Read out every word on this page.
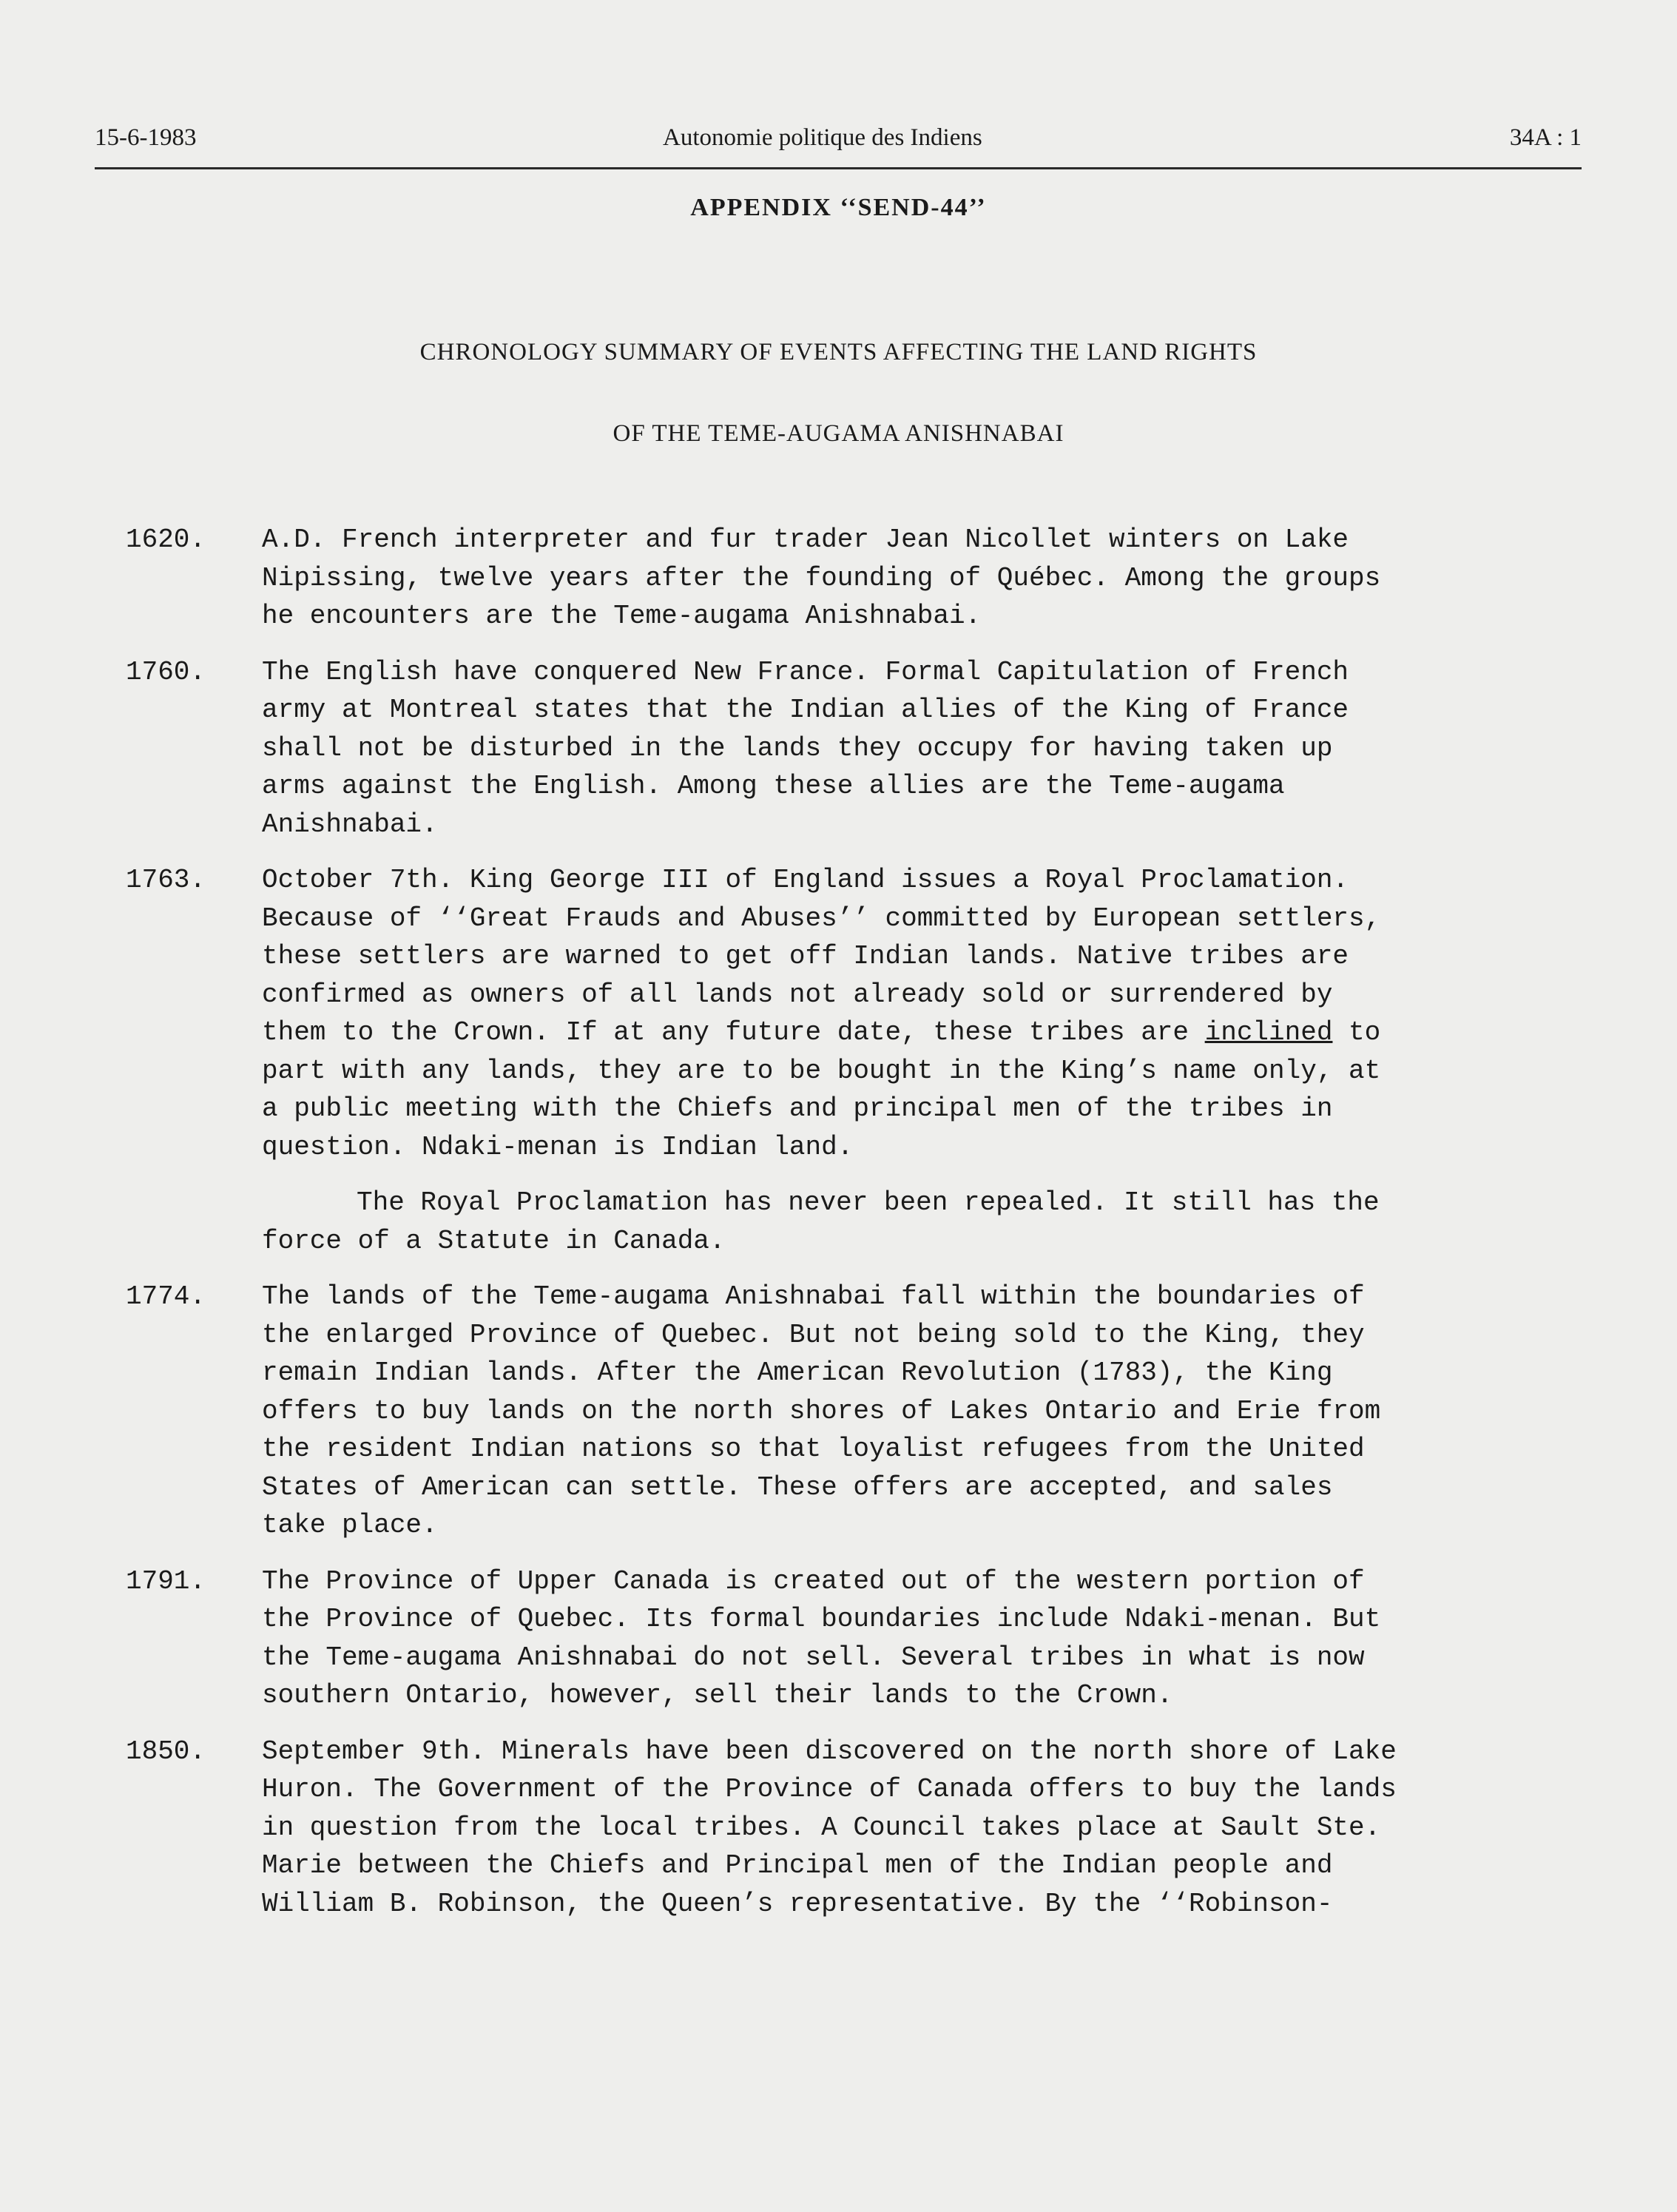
15-6-1983	Autonomie politique des Indiens	34A : 1
APPENDIX ‘‘SEND-44’’
CHRONOLOGY SUMMARY OF EVENTS AFFECTING THE LAND RIGHTS
OF THE TEME-AUGAMA ANISHNABAI
1620. A.D. French interpreter and fur trader Jean Nicollet winters on Lake
Nipissing, twelve years after the founding of Québec. Among the groups
he encounters are the Teme-augama Anishnabai.
1760. The English have conquered New France. Formal Capitulation of French
army at Montreal states that the Indian allies of the King of France
shall not be disturbed in the lands they occupy for having taken up
arms against the English. Among these allies are the Teme-augama
Anishnabai.
1763. October 7th. King George III of England issues a Royal Proclamation.
Because of ‘‘Great Frauds and Abuses’’ committed by European settlers,
these settlers are warned to get off Indian lands. Native tribes are
confirmed as owners of all lands not already sold or surrendered by
them to the Crown. If at any future date, these tribes are inclined to
part with any lands, they are to be bought in the King’s name only, at
a public meeting with the Chiefs and principal men of the tribes in
question. Ndaki-menan is Indian land.
The Royal Proclamation has never been repealed. It still has the
force of a Statute in Canada.
1774. The lands of the Teme-augama Anishnabai fall within the boundaries of
the enlarged Province of Quebec. But not being sold to the King, they
remain Indian lands. After the American Revolution (1783), the King
offers to buy lands on the north shores of Lakes Ontario and Erie from
the resident Indian nations so that loyalist refugees from the United
States of American can settle. These offers are accepted, and sales
take place.
1791. The Province of Upper Canada is created out of the western portion of
the Province of Quebec. Its formal boundaries include Ndaki-menan. But
the Teme-augama Anishnabai do not sell. Several tribes in what is now
southern Ontario, however, sell their lands to the Crown.
1850. September 9th. Minerals have been discovered on the north shore of Lake
Huron. The Government of the Province of Canada offers to buy the lands
in question from the local tribes. A Council takes place at Sault Ste.
Marie between the Chiefs and Principal men of the Indian people and
William B. Robinson, the Queen’s representative. By the ‘‘Robinson-
